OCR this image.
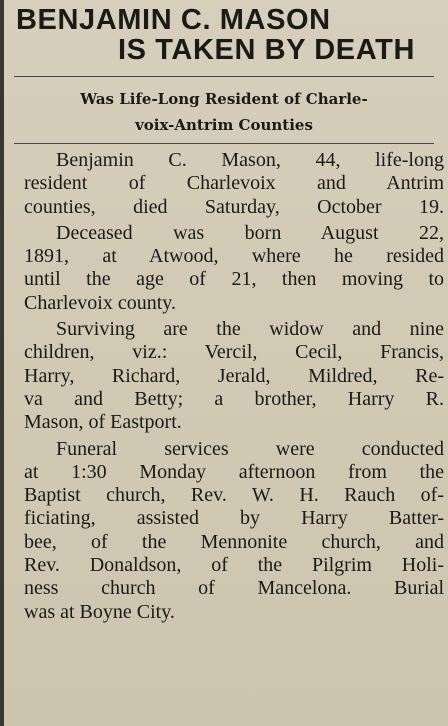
BENJAMIN C. MASON
IS TAKEN BY DEATH
Was Life-Long Resident of Charle-
voix-Antrim Counties
Benjamin C. Mason, 44, life-long
resident of Charlevoix and Antrim
counties, died Saturday, October 19.
Deceased was born August 22,
1891, at Atwood, where he resided
until the age of 21, then moving to
Charlevoix county.
Surviving are the widow and nine
children, viz.: Vercil, Cecil, Francis,
Harry, Richard, Jerald, Mildred, Re-
va and Betty; a brother, Harry R.
Mason, of Eastport.
Funeral services were conducted
at 1:30 Monday afternoon from the
Baptist church, Rev. W. H. Rauch of-
ficiating, assisted by Harry Batter-
bee, of the Mennonite church, and
Rev. Donaldson, of the Pilgrim Holi-
ness church of Mancelona. Burial
was at Boyne City.
